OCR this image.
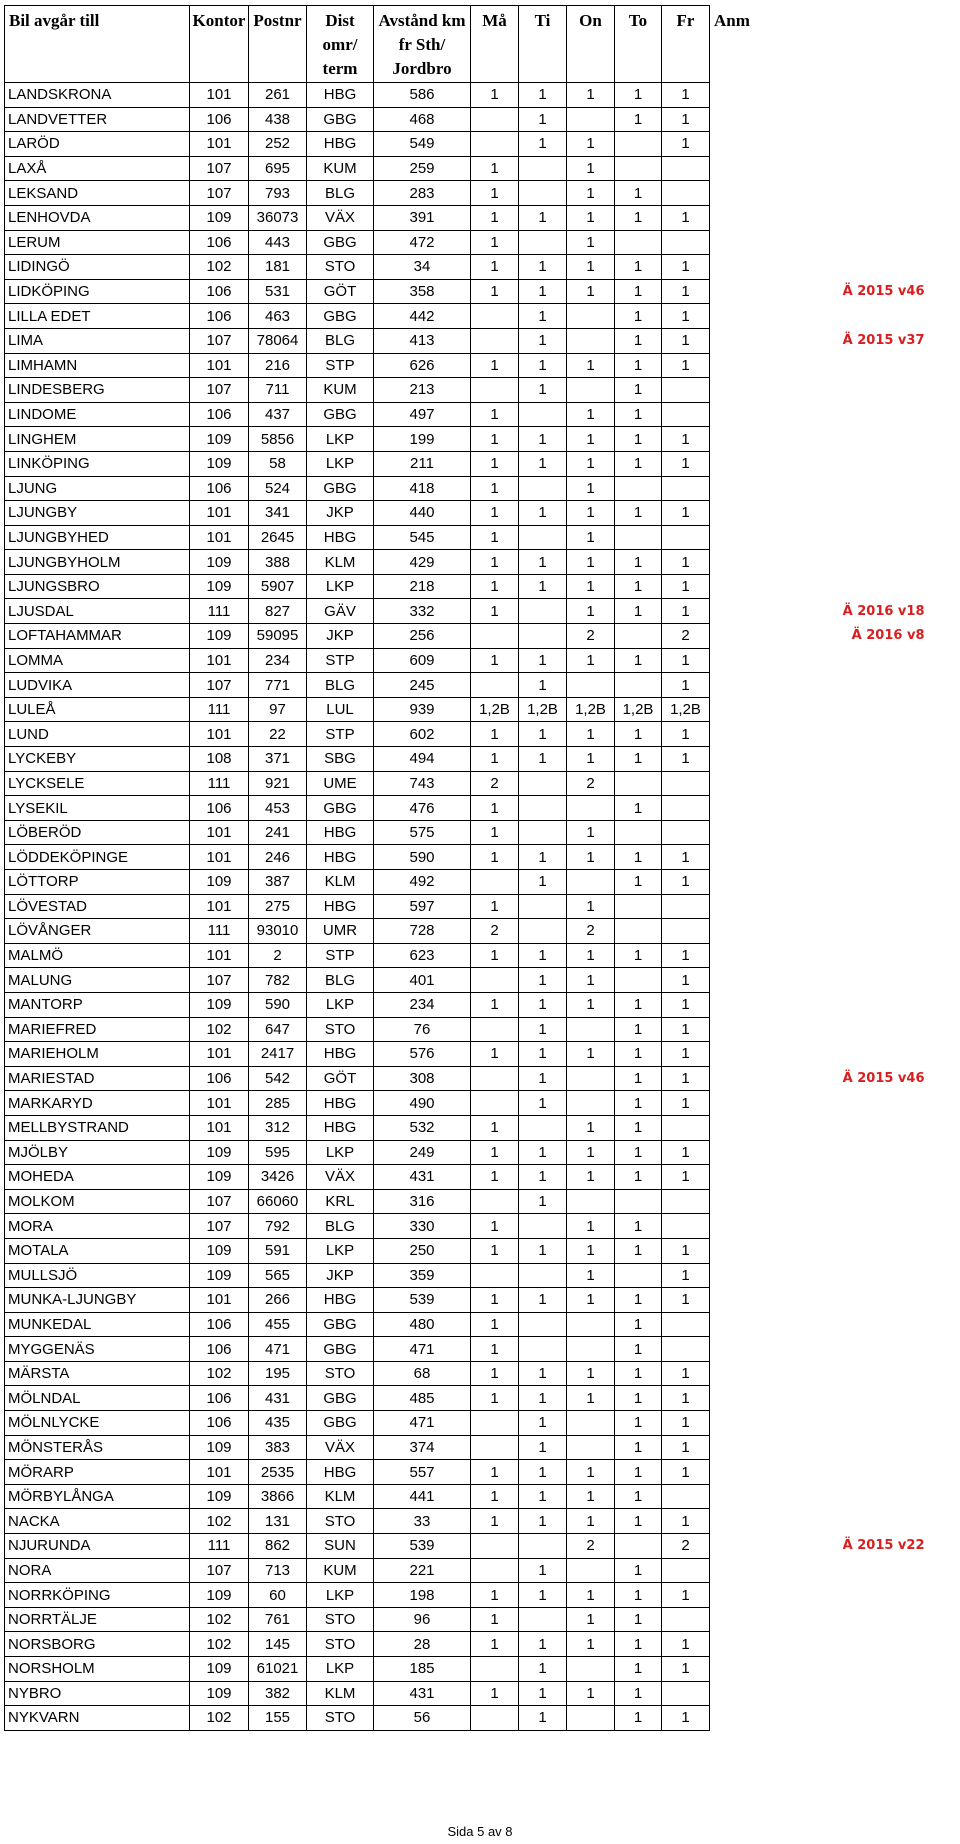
Bil avgår till	Kontor	Postnr	Dist
omr/
term	Avstånd km
fr Sth/
Jordbro	Må	Ti	On	To	Fr	Anm
LANDSKRONA	101	261	HBG	586	1	1	1	1	1	
LANDVETTER	106	438	GBG	468		1		1	1	
LARÖD	101	252	HBG	549		1	1		1	
LAXÅ	107	695	KUM	259	1		1			
LEKSAND	107	793	BLG	283	1		1	1		
LENHOVDA	109	36073	VÄX	391	1	1	1	1	1	
LERUM	106	443	GBG	472	1		1			
LIDINGÖ	102	181	STO	34	1	1	1	1	1	
LIDKÖPING	106	531	GÖT	358	1	1	1	1	1	Ä 2015 v46
LILLA EDET	106	463	GBG	442		1		1	1	
LIMA	107	78064	BLG	413		1		1	1	Ä 2015 v37
LIMHAMN	101	216	STP	626	1	1	1	1	1	
LINDESBERG	107	711	KUM	213		1		1		
LINDOME	106	437	GBG	497	1		1	1		
LINGHEM	109	5856	LKP	199	1	1	1	1	1	
LINKÖPING	109	58	LKP	211	1	1	1	1	1	
LJUNG	106	524	GBG	418	1		1			
LJUNGBY	101	341	JKP	440	1	1	1	1	1	
LJUNGBYHED	101	2645	HBG	545	1		1			
LJUNGBYHOLM	109	388	KLM	429	1	1	1	1	1	
LJUNGSBRO	109	5907	LKP	218	1	1	1	1	1	
LJUSDAL	111	827	GÄV	332	1		1	1	1	Ä 2016 v18
LOFTAHAMMAR	109	59095	JKP	256			2		2	Ä 2016 v8
LOMMA	101	234	STP	609	1	1	1	1	1	
LUDVIKA	107	771	BLG	245		1			1	
LULEÅ	111	97	LUL	939	1,2B	1,2B	1,2B	1,2B	1,2B	
LUND	101	22	STP	602	1	1	1	1	1	
LYCKEBY	108	371	SBG	494	1	1	1	1	1	
LYCKSELE	111	921	UME	743	2		2			
LYSEKIL	106	453	GBG	476	1			1		
LÖBERÖD	101	241	HBG	575	1		1			
LÖDDEKÖPINGE	101	246	HBG	590	1	1	1	1	1	
LÖTTORP	109	387	KLM	492		1		1	1	
LÖVESTAD	101	275	HBG	597	1		1			
LÖVÅNGER	111	93010	UMR	728	2		2			
MALMÖ	101	2	STP	623	1	1	1	1	1	
MALUNG	107	782	BLG	401		1	1		1	
MANTORP	109	590	LKP	234	1	1	1	1	1	
MARIEFRED	102	647	STO	76		1		1	1	
MARIEHOLM	101	2417	HBG	576	1	1	1	1	1	
MARIESTAD	106	542	GÖT	308		1		1	1	Ä 2015 v46
MARKARYD	101	285	HBG	490		1		1	1	
MELLBYSTRAND	101	312	HBG	532	1		1	1		
MJÖLBY	109	595	LKP	249	1	1	1	1	1	
MOHEDA	109	3426	VÄX	431	1	1	1	1	1	
MOLKOM	107	66060	KRL	316		1				
MORA	107	792	BLG	330	1		1	1		
MOTALA	109	591	LKP	250	1	1	1	1	1	
MULLSJÖ	109	565	JKP	359			1		1	
MUNKA-LJUNGBY	101	266	HBG	539	1	1	1	1	1	
MUNKEDAL	106	455	GBG	480	1			1		
MYGGENÄS	106	471	GBG	471	1			1		
MÄRSTA	102	195	STO	68	1	1	1	1	1	
MÖLNDAL	106	431	GBG	485	1	1	1	1	1	
MÖLNLYCKE	106	435	GBG	471		1		1	1	
MÖNSTERÅS	109	383	VÄX	374		1		1	1	
MÖRARP	101	2535	HBG	557	1	1	1	1	1	
MÖRBYLÅNGA	109	3866	KLM	441	1	1	1	1		
NACKA	102	131	STO	33	1	1	1	1	1	
NJURUNDA	111	862	SUN	539			2		2	Ä 2015 v22
NORA	107	713	KUM	221		1		1		
NORRKÖPING	109	60	LKP	198	1	1	1	1	1	
NORRTÄLJE	102	761	STO	96	1		1	1		
NORSBORG	102	145	STO	28	1	1	1	1	1	
NORSHOLM	109	61021	LKP	185		1		1	1	
NYBRO	109	382	KLM	431	1	1	1	1		
NYKVARN	102	155	STO	56		1		1	1	
Sida 5 av 8
